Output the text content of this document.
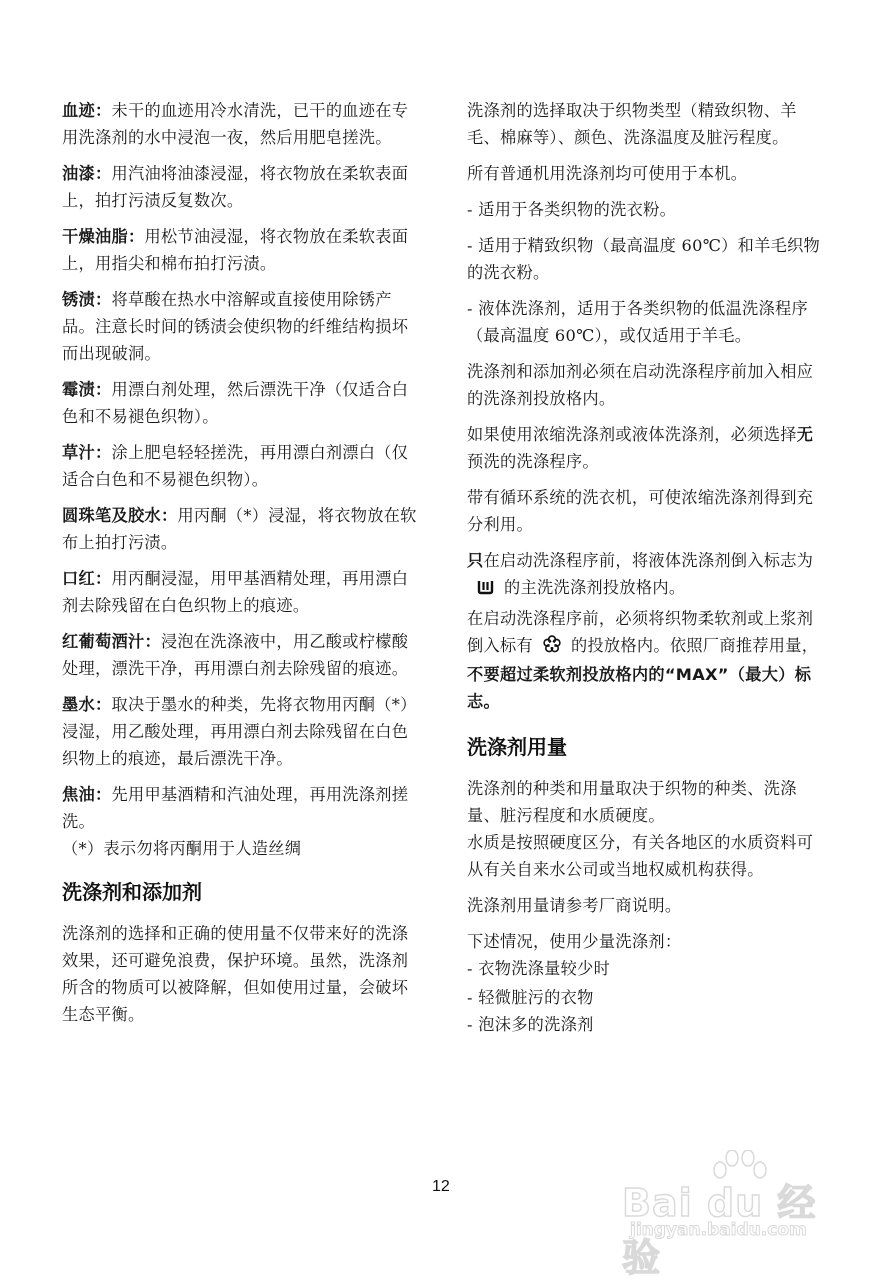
血迹：未干的血迹用冷水清洗，已干的血迹在专用洗涤剂的水中浸泡一夜，然后用肥皂搓洗。

油漆：用汽油将油漆浸湿，将衣物放在柔软表面上，拍打污渍反复数次。

干燥油脂：用松节油浸湿，将衣物放在柔软表面上，用指尖和棉布拍打污渍。

锈渍：将草酸在热水中溶解或直接使用除锈产品。注意长时间的锈渍会使织物的纤维结构损坏而出现破洞。

霉渍：用漂白剂处理，然后漂洗干净（仅适合白色和不易褪色织物）。

草汁：涂上肥皂轻轻搓洗，再用漂白剂漂白（仅适合白色和不易褪色织物）。

圆珠笔及胶水：用丙酮（*）浸湿，将衣物放在软布上拍打污渍。

口红：用丙酮浸湿，用甲基酒精处理，再用漂白剂去除残留在白色织物上的痕迹。

红葡萄酒汁：浸泡在洗涤液中，用乙酸或柠檬酸处理，漂洗干净，再用漂白剂去除残留的痕迹。

墨水：取决于墨水的种类，先将衣物用丙酮（*）浸湿，用乙酸处理，再用漂白剂去除残留在白色织物上的痕迹，最后漂洗干净。

焦油：先用甲基酒精和汽油处理，再用洗涤剂搓洗。

（*）表示勿将丙酮用于人造丝绸

洗涤剂和添加剂

洗涤剂的选择和正确的使用量不仅带来好的洗涤效果，还可避免浪费，保护环境。虽然，洗涤剂所含的物质可以被降解，但如使用过量，会破坏生态平衡。

洗涤剂的选择取决于织物类型（精致织物、羊毛、棉麻等）、颜色、洗涤温度及脏污程度。

所有普通机用洗涤剂均可使用于本机。

- 适用于各类织物的洗衣粉。

- 适用于精致织物（最高温度 60℃）和羊毛织物的洗衣粉。

- 液体洗涤剂，适用于各类织物的低温洗涤程序（最高温度 60℃），或仅适用于羊毛。

洗涤剂和添加剂必须在启动洗涤程序前加入相应的洗涤剂投放格内。

如果使用浓缩洗涤剂或液体洗涤剂，必须选择无预洗的洗涤程序。

带有循环系统的洗衣机，可使浓缩洗涤剂得到充分利用。

只在启动洗涤程序前，将液体洗涤剂倒入标志为的主洗洗涤剂投放格内。

在启动洗涤程序前，必须将织物柔软剂或上浆剂倒入标有 的投放格内。依照厂商推荐用量，不要超过柔软剂投放格内的“MAX”（最大）标志。

洗涤剂用量

洗涤剂的种类和用量取决于织物的种类、洗涤量、脏污程度和水质硬度。

水质是按照硬度区分，有关各地区的水质资料可从有关自来水公司或当地权威机构获得。

洗涤剂用量请参考厂商说明。

下述情况，使用少量洗涤剂：

- 衣物洗涤量较少时

- 轻微脏污的衣物

- 泡沫多的洗涤剂

12	Bai du 经验
jingyan.baidu.com
